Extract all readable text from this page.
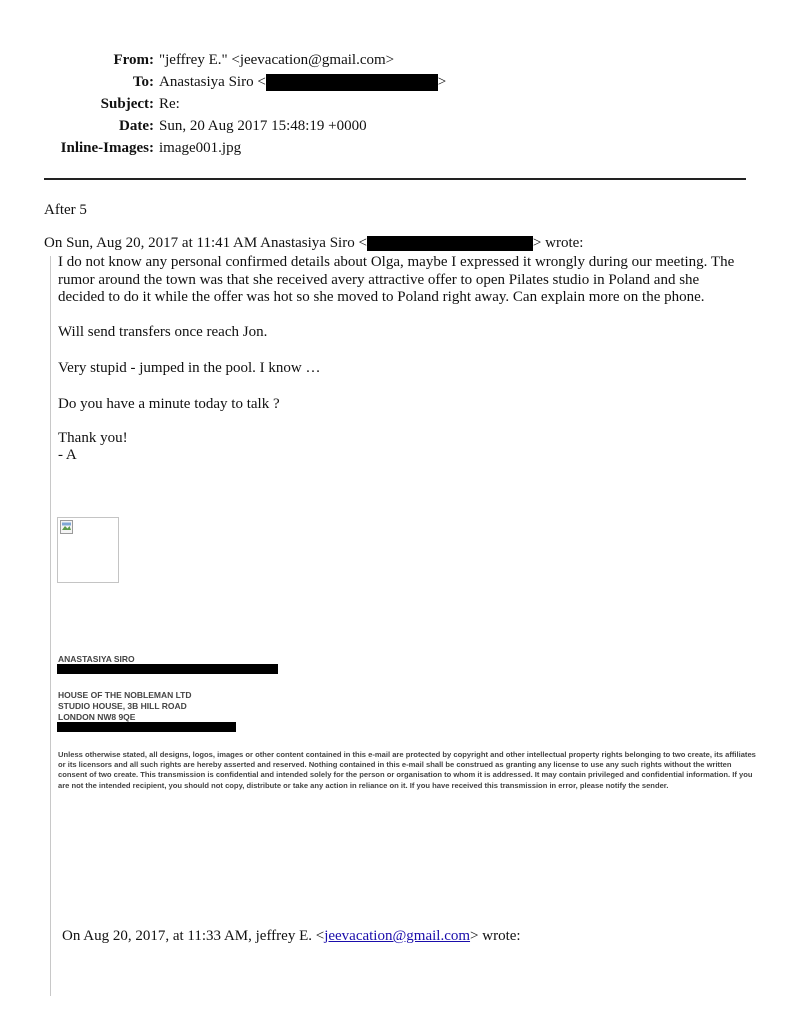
From: "jeffrey E." <jeevacation@gmail.com>
To: Anastasiya Siro <	>
Subject: Re:
Date: Sun, 20 Aug 2017 15:48:19 +0000
Inline-Images: image001.jpg
After 5
On Sun, Aug 20, 2017 at 11:41 AM Anastasiya Siro <	> wrote:
I do not know any personal confirmed details about Olga, maybe I expressed it wrongly during our meeting. The rumor around the town was that she received avery attractive offer to open Pilates studio in Poland and she decided to do it while the offer was hot so she moved to Poland right away. Can explain more on the phone.
Will send transfers once reach Jon.
Very stupid - jumped in the pool. I know …
Do you have a minute today to talk ?
Thank you!
- A
ANASTASIYA SIRO
HOUSE OF THE NOBLEMAN LTD
STUDIO HOUSE, 3B HILL ROAD
LONDON NW8 9QE
Unless otherwise stated, all designs, logos, images or other content contained in this e-mail are protected by copyright and other intellectual property rights belonging to two create, its affiliates or its licensors and all such rights are hereby asserted and reserved. Nothing contained in this e-mail shall be construed as granting any license to use any such rights without the written consent of two create. This transmission is confidential and intended solely for the person or organisation to whom it is addressed. It may contain privileged and confidential information. If you are not the intended recipient, you should not copy, distribute or take any action in reliance on it. If you have received this transmission in error, please notify the sender.
On Aug 20, 2017, at 11:33 AM, jeffrey E. <jeevacation@gmail.com> wrote:
